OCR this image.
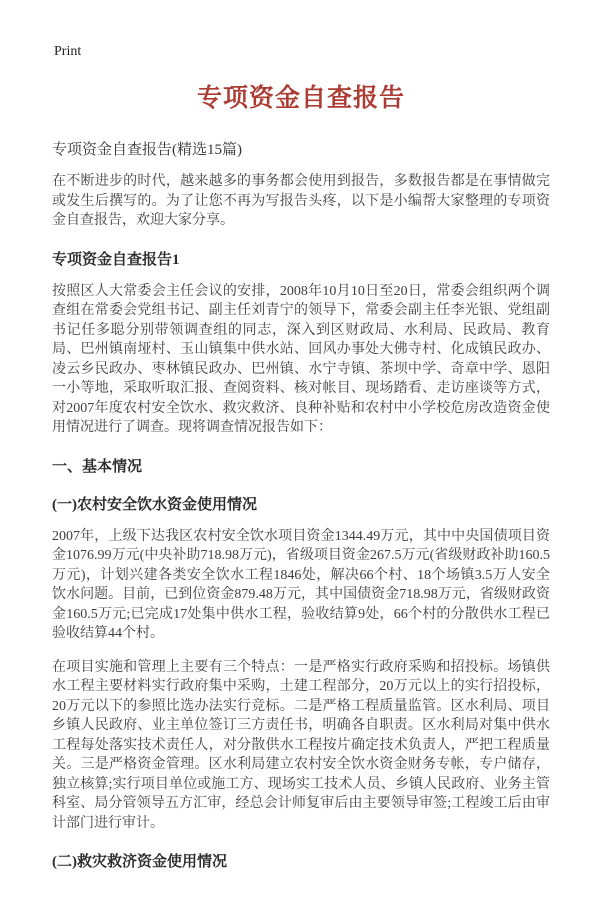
Print
专项资金自查报告
专项资金自查报告(精选15篇)

在不断进步的时代，越来越多的事务都会使用到报告，多数报告都是在事情做完或发生后撰写的。为了让您不再为写报告头疼，以下是小编帮大家整理的专项资金自查报告，欢迎大家分享。

专项资金自查报告1

按照区人大常委会主任会议的安排，2008年10月10日至20日，常委会组织两个调查组在常委会党组书记、副主任刘青宁的领导下，常委会副主任李光银、党组副书记任多聪分别带领调查组的同志，深入到区财政局、水利局、民政局、教育局、巴州镇南垭村、玉山镇集中供水站、回风办事处大佛寺村、化成镇民政办、凌云乡民政办、枣林镇民政办、巴州镇、水宁寺镇、茶坝中学、奇章中学、恩阳一小等地，采取听取汇报、查阅资料、核对帐目、现场踏看、走访座谈等方式，对2007年度农村安全饮水、救灾救济、良种补贴和农村中小学校危房改造资金使用情况进行了调查。现将调查情况报告如下：

一、基本情况
(一)农村安全饮水资金使用情况

2007年，上级下达我区农村安全饮水项目资金1344.49万元，其中中央国债项目资金1076.99万元(中央补助718.98万元)，省级项目资金267.5万元(省级财政补助160.5万元)，计划兴建各类安全饮水工程1846处，解决66个村、18个场镇3.5万人安全饮水问题。目前，已到位资金879.48万元，其中国债资金718.98万元，省级财政资金160.5万元;已完成17处集中供水工程，验收结算9处，66个村的分散供水工程已验收结算44个村。

在项目实施和管理上主要有三个特点：一是严格实行政府采购和招投标。场镇供水工程主要材料实行政府集中采购，土建工程部分，20万元以上的实行招投标，20万元以下的参照比选办法实行竞标。二是严格工程质量监管。区水利局、项目乡镇人民政府、业主单位签订三方责任书，明确各自职责。区水利局对集中供水工程每处落实技术责任人，对分散供水工程按片确定技术负责人，严把工程质量关。三是严格资金管理。区水利局建立农村安全饮水资金财务专帐，专户储存，独立核算;实行项目单位或施工方、现场实工技术人员、乡镇人民政府、业务主管科室、局分管领导五方汇审，经总会计师复审后由主要领导审签;工程竣工后由审计部门进行审计。

(二)救灾救济资金使用情况
